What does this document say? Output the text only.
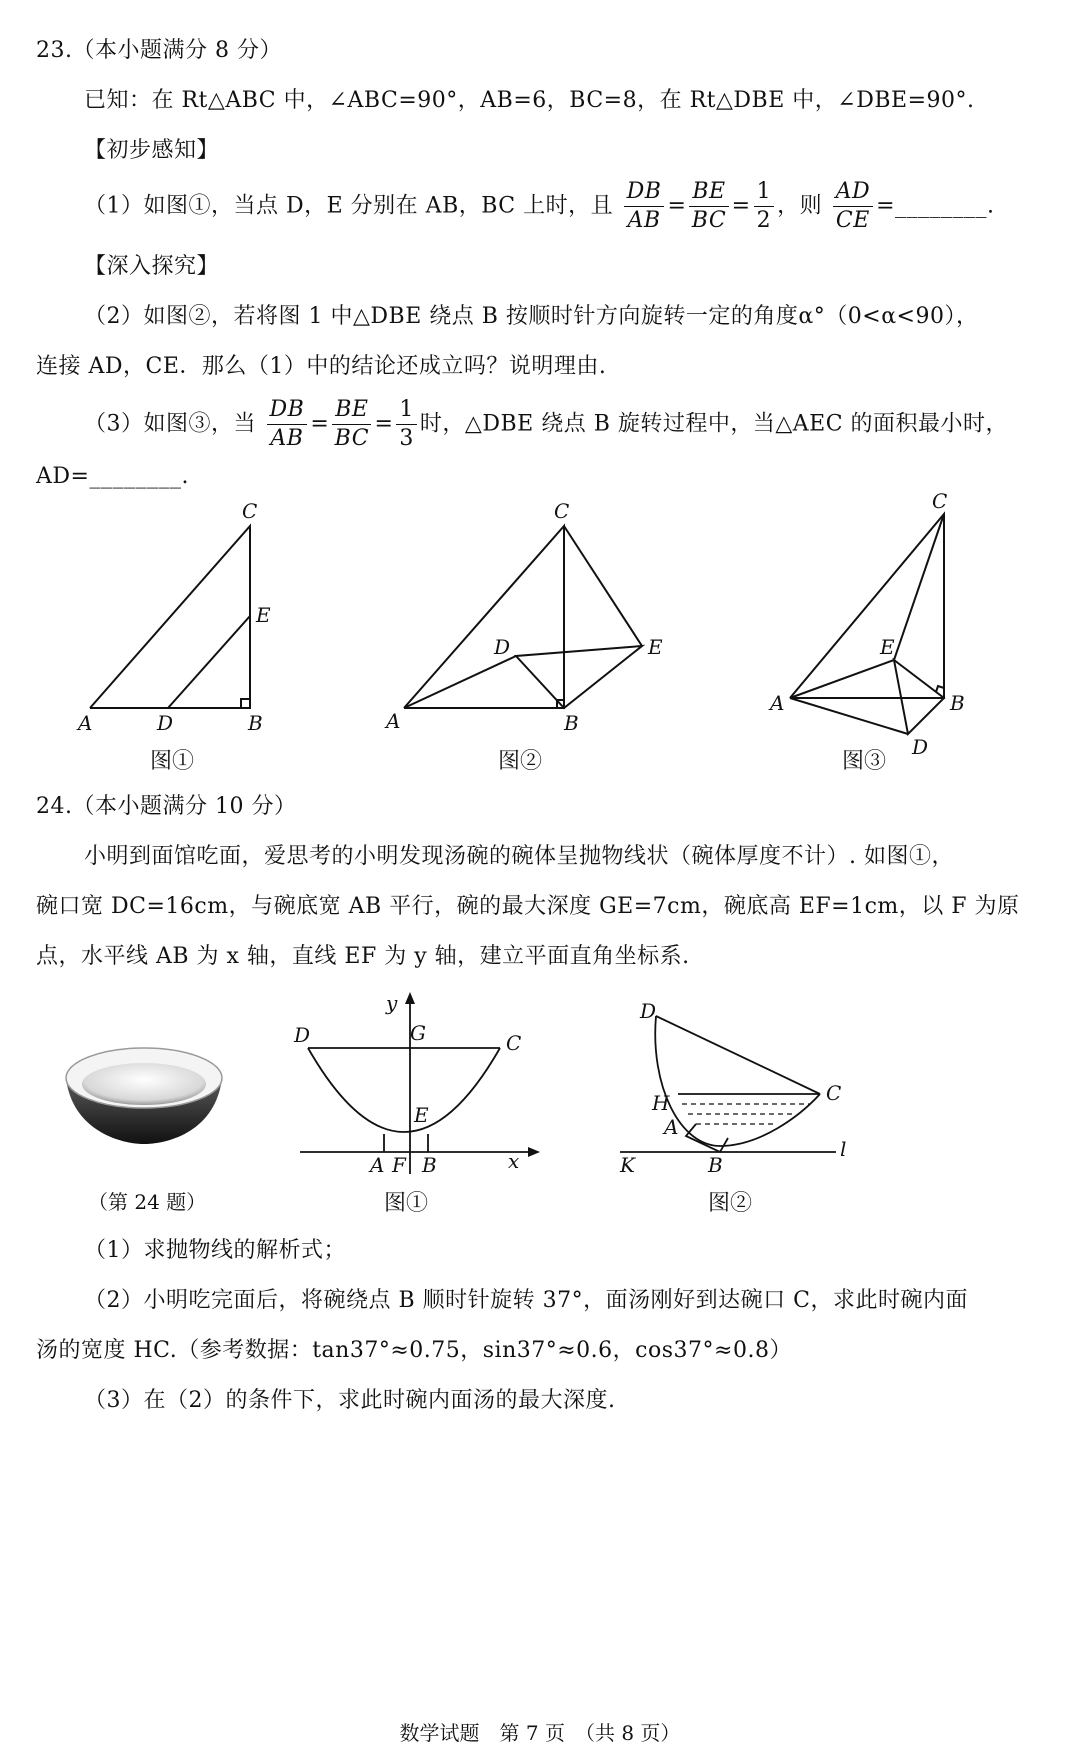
23.（本小题满分 8 分）
已知：在 Rt△ABC 中，∠ABC=90°，AB=6，BC=8，在 Rt△DBE 中，∠DBE=90°.
【初步感知】
（1）如图①，当点 D，E 分别在 AB，BC 上时，且 $\frac{DB}{AB} = \frac{BE}{BC} = \frac{1}{2}$ ，则 $\frac{AD}{CE}$ =________.
【深入探究】
（2）如图②，若将图 1 中△DBE 绕点 B 按顺时针方向旋转一定的角度α°（0<α<90），
连接 AD，CE．那么（1）中的结论还成立吗？说明理由.
（3）如图③，当 $\frac{DB}{AB} = \frac{BE}{BC} = \frac{1}{3}$ 时，△DBE 绕点 B 旋转过程中，当△AEC 的面积最小时，
AD=________.
A	D	B
C
E
图①
A	B
C
D	E
图②
A	B
C
D
E
图③
24.（本小题满分 10 分）
小明到面馆吃面，爱思考的小明发现汤碗的碗体呈抛物线状（碗体厚度不计）. 如图①，
碗口宽 DC=16cm，与碗底宽 AB 平行，碗的最大深度 GE=7cm，碗底高 EF=1cm，以 F 为原
点，水平线 AB 为 x 轴，直线 EF 为 y 轴，建立平面直角坐标系.
（第 24 题）
y
x
D	G	C
E
A F B
图①
D
C
H
A
K	B
l
图②
（1）求抛物线的解析式；
（2）小明吃完面后，将碗绕点 B 顺时针旋转 37°，面汤刚好到达碗口 C，求此时碗内面
汤的宽度 HC.（参考数据：tan37°≈0.75，sin37°≈0.6，cos37°≈0.8）
（3）在（2）的条件下，求此时碗内面汤的最大深度.
数学试题　第 7 页　（共 8 页）
